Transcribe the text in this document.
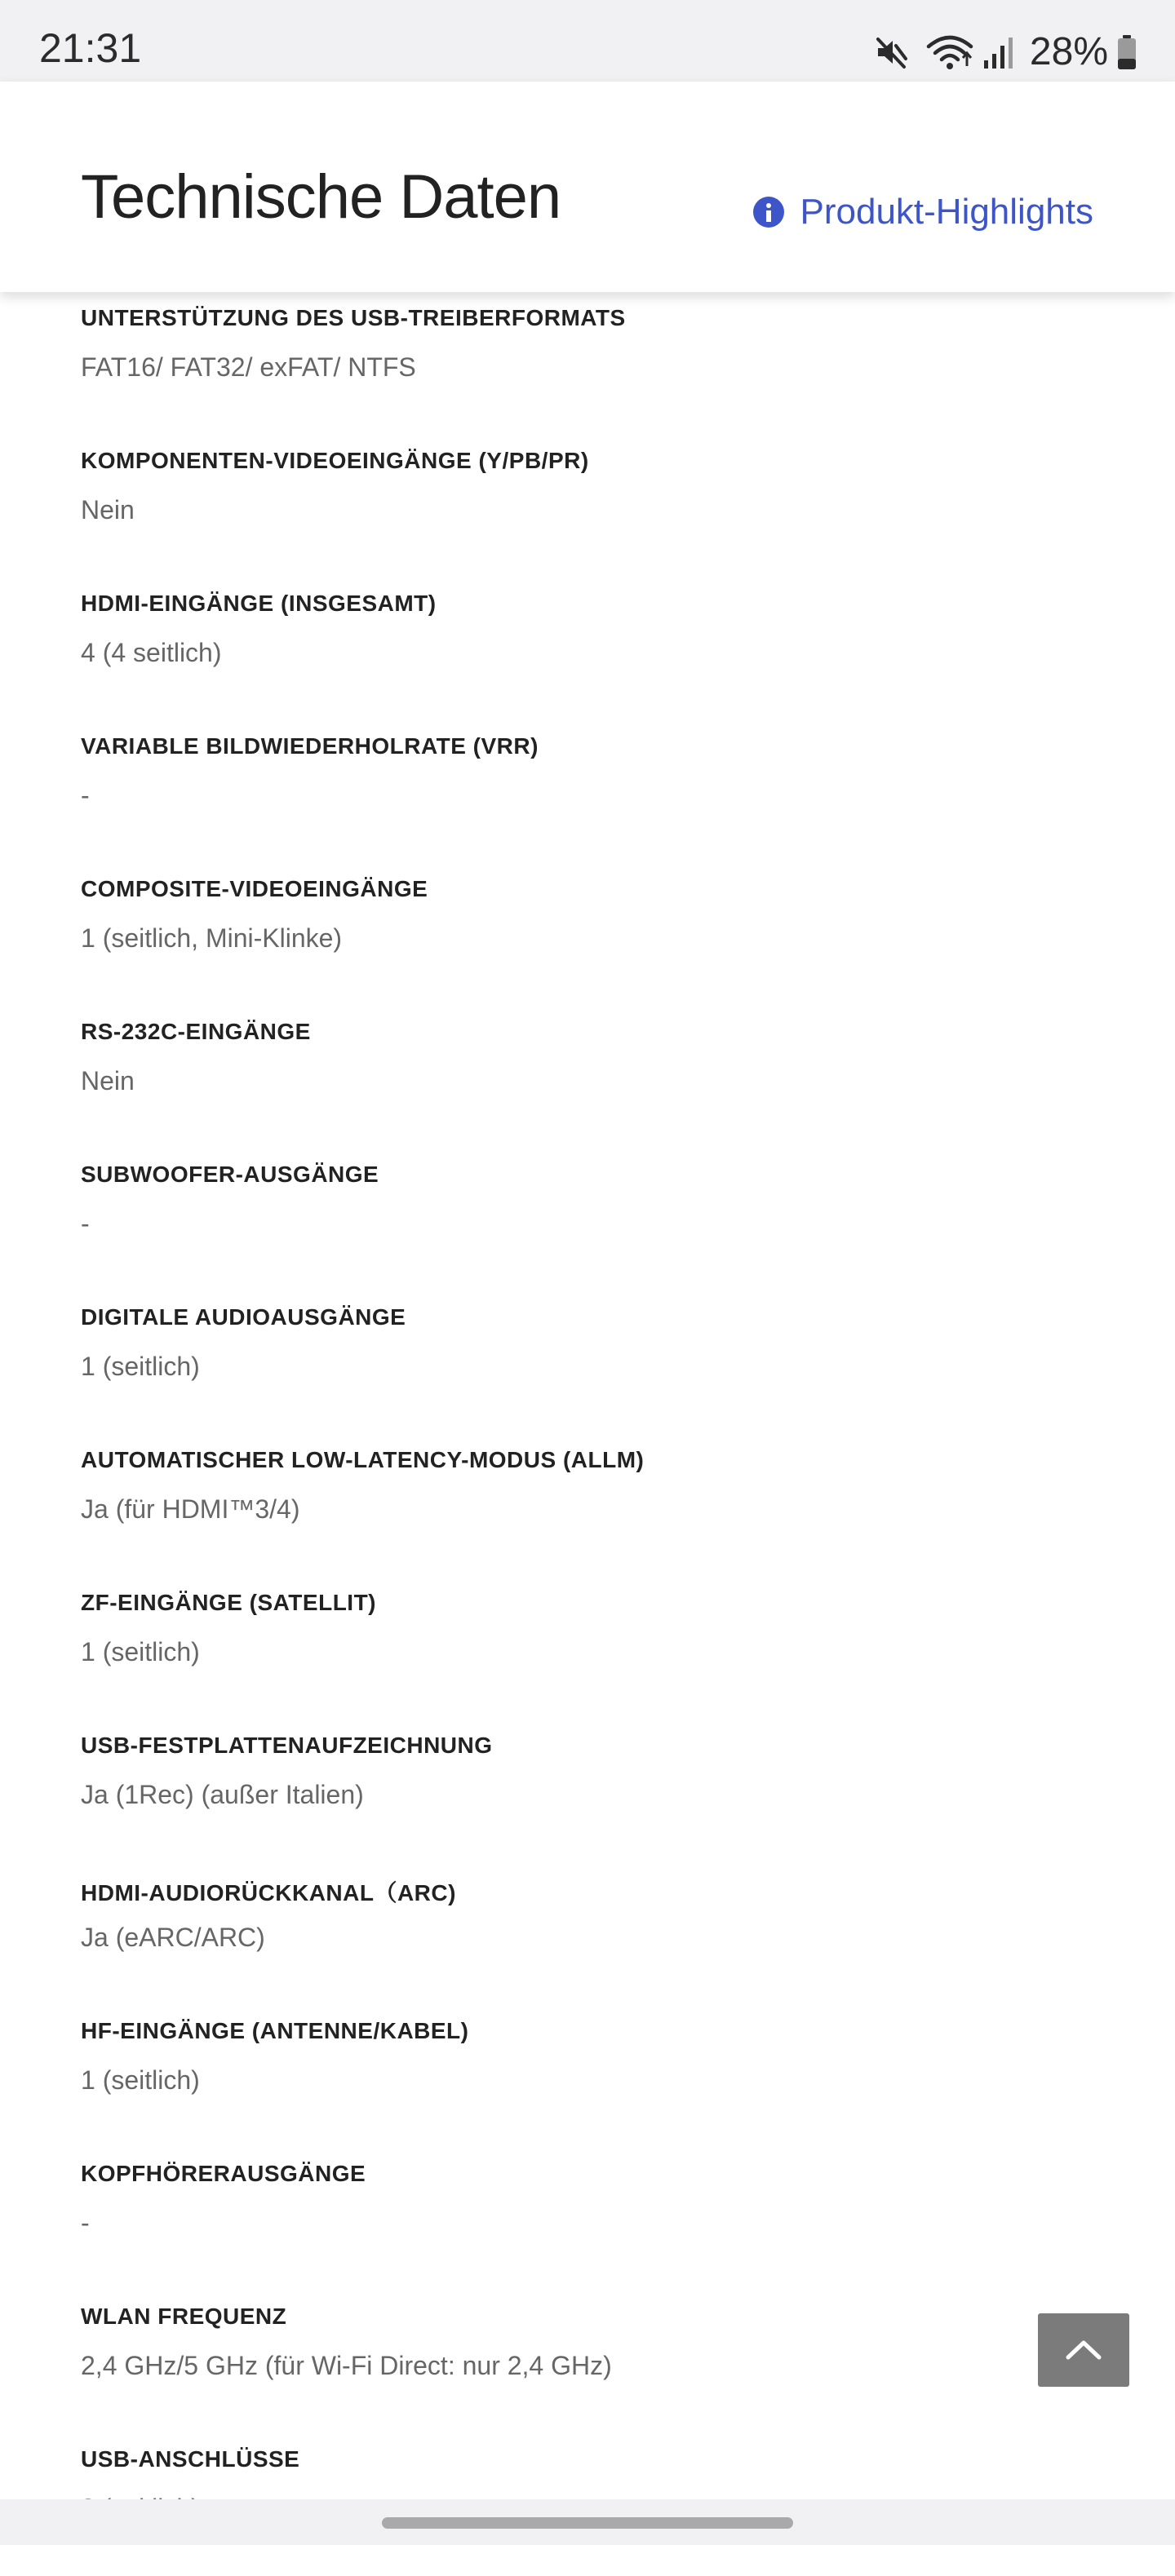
21:31	28%
Technische Daten	Produkt-Highlights
UNTERSTÜTZUNG DES USB-TREIBERFORMATS
FAT16/ FAT32/ exFAT/ NTFS
KOMPONENTEN-VIDEOEINGÄNGE (Y/PB/PR)
Nein
HDMI-EINGÄNGE (INSGESAMT)
4 (4 seitlich)
VARIABLE BILDWIEDERHOLRATE (VRR)
-
COMPOSITE-VIDEOEINGÄNGE
1 (seitlich, Mini-Klinke)
RS-232C-EINGÄNGE
Nein
SUBWOOFER-AUSGÄNGE
-
DIGITALE AUDIOAUSGÄNGE
1 (seitlich)
AUTOMATISCHER LOW-LATENCY-MODUS (ALLM)
Ja (für HDMI™3/4)
ZF-EINGÄNGE (SATELLIT)
1 (seitlich)
USB-FESTPLATTENAUFZEICHNUNG
Ja (1Rec) (außer Italien)
HDMI-AUDIORÜCKKANAL（ARC)
Ja (eARC/ARC)
HF-EINGÄNGE (ANTENNE/KABEL)
1 (seitlich)
KOPFHÖRERAUSGÄNGE
-
WLAN FREQUENZ
2,4 GHz/5 GHz (für Wi-Fi Direct: nur 2,4 GHz)
USB-ANSCHLÜSSE
